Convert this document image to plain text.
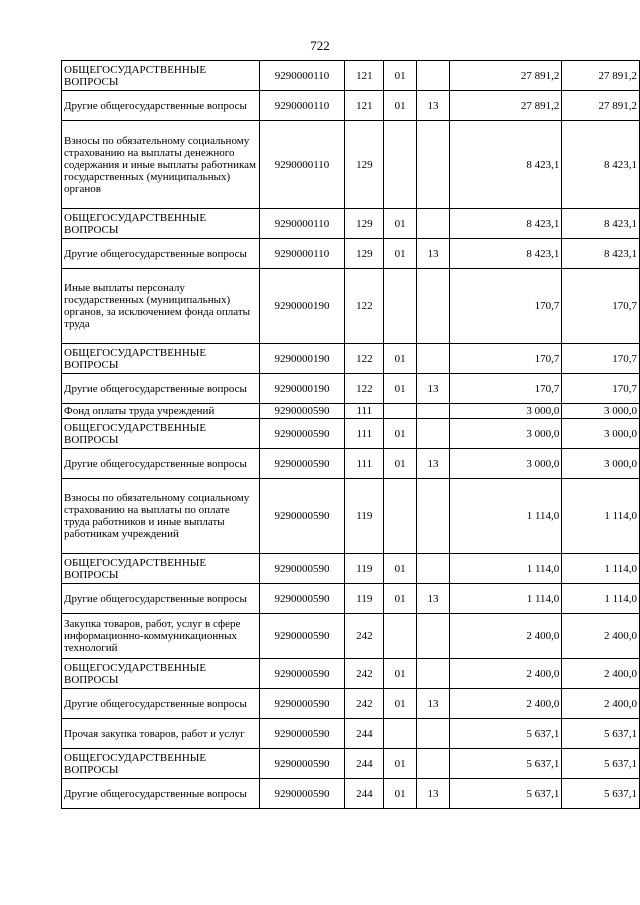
722
ОБЩЕГОСУДАРСТВЕННЫЕ ВОПРОСЫ	9290000110	121	01		27 891,2	27 891,2
Другие общегосударственные вопросы	9290000110	121	01	13	27 891,2	27 891,2
Взносы по обязательному социальному страхованию на выплаты денежного содержания и иные выплаты работникам государственных (муниципальных) органов	9290000110	129			8 423,1	8 423,1
ОБЩЕГОСУДАРСТВЕННЫЕ ВОПРОСЫ	9290000110	129	01		8 423,1	8 423,1
Другие общегосударственные вопросы	9290000110	129	01	13	8 423,1	8 423,1
Иные выплаты персоналу государственных (муниципальных) органов, за исключением фонда оплаты труда	9290000190	122			170,7	170,7
ОБЩЕГОСУДАРСТВЕННЫЕ ВОПРОСЫ	9290000190	122	01		170,7	170,7
Другие общегосударственные вопросы	9290000190	122	01	13	170,7	170,7
Фонд оплаты труда учреждений	9290000590	111			3 000,0	3 000,0
ОБЩЕГОСУДАРСТВЕННЫЕ ВОПРОСЫ	9290000590	111	01		3 000,0	3 000,0
Другие общегосударственные вопросы	9290000590	111	01	13	3 000,0	3 000,0
Взносы по обязательному социальному страхованию на выплаты по оплате труда работников и иные выплаты работникам учреждений	9290000590	119			1 114,0	1 114,0
ОБЩЕГОСУДАРСТВЕННЫЕ ВОПРОСЫ	9290000590	119	01		1 114,0	1 114,0
Другие общегосударственные вопросы	9290000590	119	01	13	1 114,0	1 114,0
Закупка товаров, работ, услуг в сфере информационно-коммуникационных технологий	9290000590	242			2 400,0	2 400,0
ОБЩЕГОСУДАРСТВЕННЫЕ ВОПРОСЫ	9290000590	242	01		2 400,0	2 400,0
Другие общегосударственные вопросы	9290000590	242	01	13	2 400,0	2 400,0
Прочая закупка товаров, работ и услуг	9290000590	244			5 637,1	5 637,1
ОБЩЕГОСУДАРСТВЕННЫЕ ВОПРОСЫ	9290000590	244	01		5 637,1	5 637,1
Другие общегосударственные вопросы	9290000590	244	01	13	5 637,1	5 637,1
